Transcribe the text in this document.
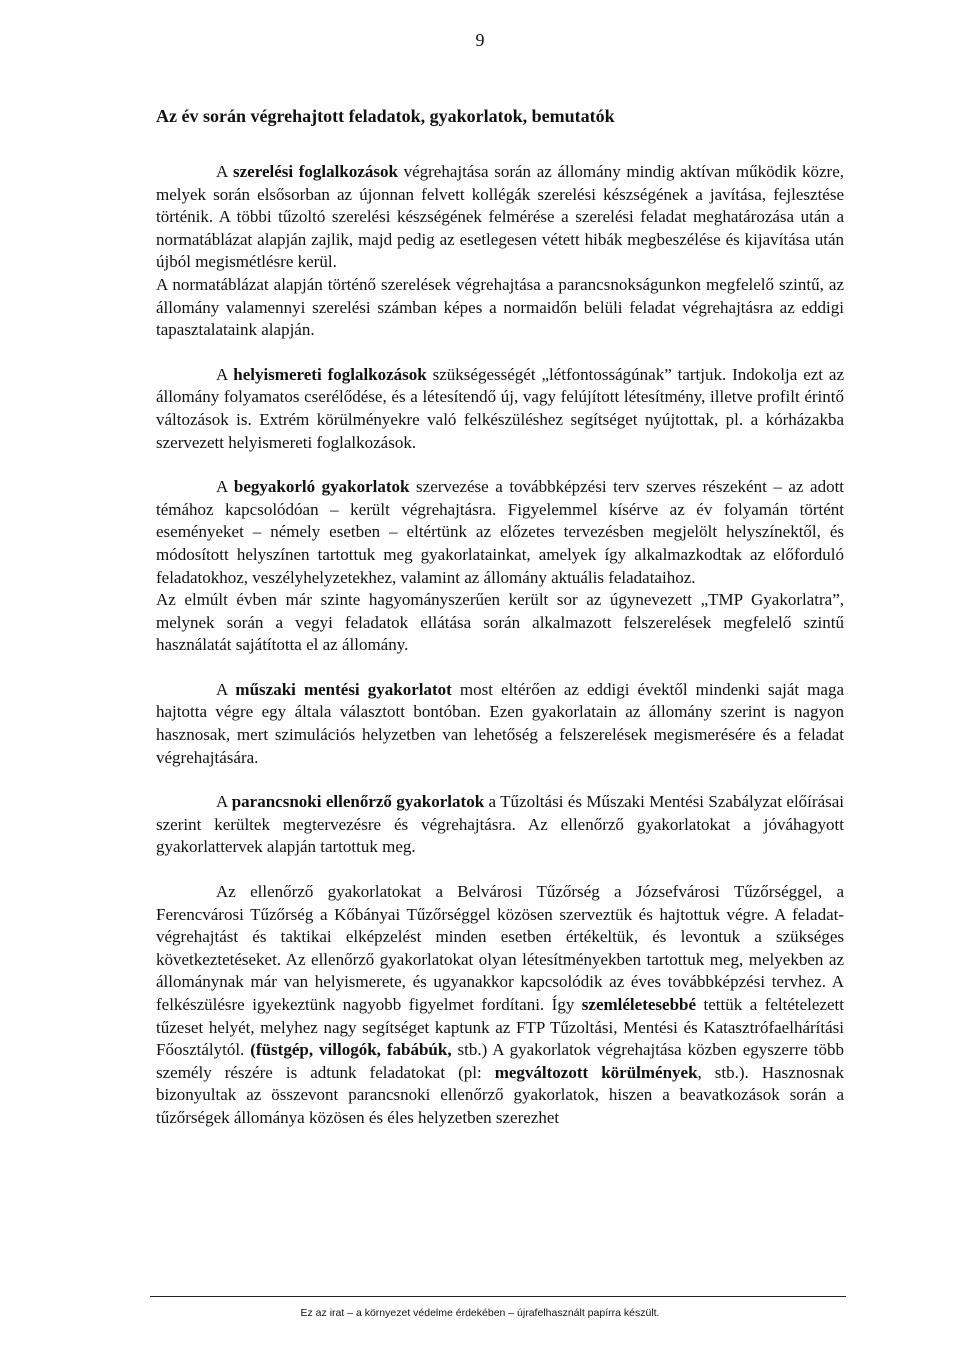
9
Az év során végrehajtott feladatok, gyakorlatok, bemutatók

A szerelési foglalkozások végrehajtása során az állomány mindig aktívan működik közre, melyek során elsősorban az újonnan felvett kollégák szerelési készségének a javítása, fejlesztése történik. A többi tűzoltó szerelési készségének felmérése a szerelési feladat meghatározása után a normatáblázat alapján zajlik, majd pedig az esetlegesen vétett hibák megbeszélése és kijavítása után újból megismétlésre kerül.

A normatáblázat alapján történő szerelések végrehajtása a parancsnokságunkon megfelelő szintű, az állomány valamennyi szerelési számban képes a normaidőn belüli feladat végrehajtásra az eddigi tapasztalataink alapján.

A helyismereti foglalkozások szükségességét „létfontosságúnak” tartjuk. Indokolja ezt az állomány folyamatos cserélődése, és a létesítendő új, vagy felújított létesítmény, illetve profilt érintő változások is. Extrém körülményekre való felkészüléshez segítséget nyújtottak, pl. a kórházakba szervezett helyismereti foglalkozások.

A begyakorló gyakorlatok szervezése a továbbképzési terv szerves részeként – az adott témához kapcsolódóan – került végrehajtásra. Figyelemmel kísérve az év folyamán történt eseményeket – némely esetben – eltértünk az előzetes tervezésben megjelölt helyszínektől, és módosított helyszínen tartottuk meg gyakorlatainkat, amelyek így alkalmazkodtak az előforduló feladatokhoz, veszélyhelyzetekhez, valamint az állomány aktuális feladataihoz.

Az elmúlt évben már szinte hagyományszerűen került sor az úgynevezett „TMP Gyakorlatra”, melynek során a vegyi feladatok ellátása során alkalmazott felszerelések megfelelő szintű használatát sajátította el az állomány.

A műszaki mentési gyakorlatot most eltérően az eddigi évektől mindenki saját maga hajtotta végre egy általa választott bontóban. Ezen gyakorlatain az állomány szerint is nagyon hasznosak, mert szimulációs helyzetben van lehetőség a felszerelések megismerésére és a feladat végrehajtására.

A parancsnoki ellenőrző gyakorlatok a Tűzoltási és Műszaki Mentési Szabályzat előírásai szerint kerültek megtervezésre és végrehajtásra. Az ellenőrző gyakorlatokat a jóváhagyott gyakorlattervek alapján tartottuk meg.

Az ellenőrző gyakorlatokat a Belvárosi Tűzőrség a Józsefvárosi Tűzőrséggel, a Ferencvárosi Tűzőrség a Kőbányai Tűzőrséggel közösen szerveztük és hajtottuk végre. A feladat-végrehajtást és taktikai elképzelést minden esetben értékeltük, és levontuk a szükséges következtetéseket. Az ellenőrző gyakorlatokat olyan létesítményekben tartottuk meg, melyekben az állománynak már van helyismerete, és ugyanakkor kapcsolódik az éves továbbképzési tervhez. A felkészülésre igyekeztünk nagyobb figyelmet fordítani. Így szemléletesebbé tettük a feltételezett tűzeset helyét, melyhez nagy segítséget kaptunk az FTP Tűzoltási, Mentési és Katasztrófaelhárítási Főosztálytól. (füstgép, villogók, fabábúk, stb.) A gyakorlatok végrehajtása közben egyszerre több személy részére is adtunk feladatokat (pl: megváltozott körülmények, stb.). Hasznosnak bizonyultak az összevont parancsnoki ellenőrző gyakorlatok, hiszen a beavatkozások során a tűzőrségek állománya közösen és éles helyzetben szerezhet

Ez az irat – a környezet védelme érdekében – újrafelhasznált papírra készült.
